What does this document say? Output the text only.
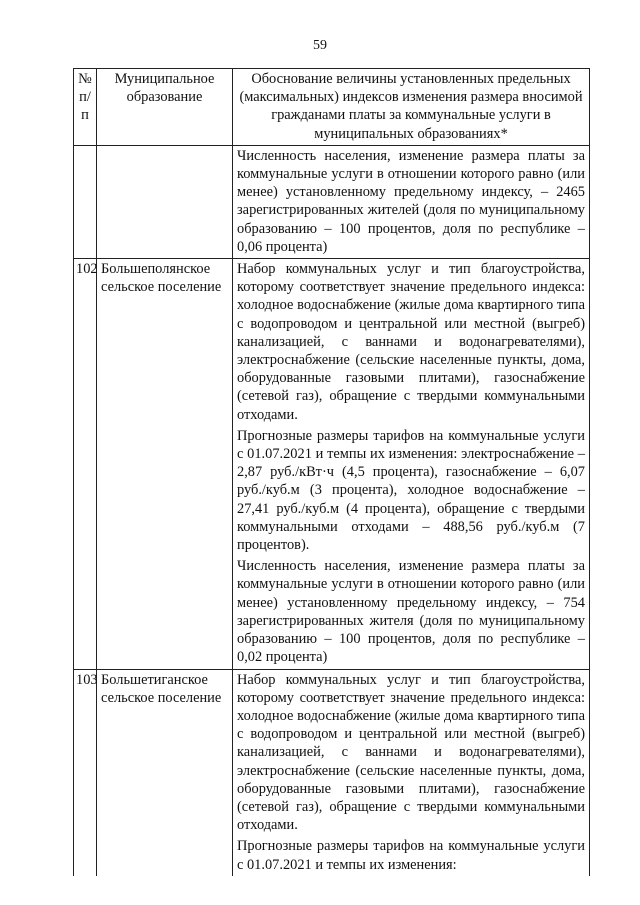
59
№ п/п	Муниципальное образование	Обоснование величины установленных предельных (максимальных) индексов изменения размера вносимой гражданами платы за коммунальные услуги в муниципальных образованиях*

		Численность населения, изменение размера платы за коммунальные услуги в отношении которого равно (или менее) установленному предельному индексу, – 2465 зарегистрированных жителей (доля по муниципальному образованию – 100 процентов, доля по республике – 0,06 процента)

102	Большеполянское сельское поселение	Набор коммунальных услуг и тип благоустройства, которому соответствует значение предельного индекса: холодное водоснабжение (жилые дома квартирного типа с водопроводом и центральной или местной (выгреб) канализацией, с ваннами и водонагревателями), электроснабжение (сельские населенные пункты, дома, оборудованные газовыми плитами), газоснабжение (сетевой газ), обращение с твердыми коммунальными отходами.

Прогнозные размеры тарифов на коммунальные услуги с 01.07.2021 и темпы их изменения: электроснабжение – 2,87 руб./кВт·ч (4,5 процента), газоснабжение – 6,07 руб./куб.м (3 процента), холодное водоснабжение – 27,41 руб./куб.м (4 процента), обращение с твердыми коммунальными отходами – 488,56 руб./куб.м (7 процентов).

Численность населения, изменение размера платы за коммунальные услуги в отношении которого равно (или менее) установленному предельному индексу, – 754 зарегистрированных жителя (доля по муниципальному образованию – 100 процентов, доля по республике – 0,02 процента)

103	Большетиганское сельское поселение	Набор коммунальных услуг и тип благоустройства, которому соответствует значение предельного индекса: холодное водоснабжение (жилые дома квартирного типа с водопроводом и центральной или местной (выгреб) канализацией, с ваннами и водонагревателями), электроснабжение (сельские населенные пункты, дома, оборудованные газовыми плитами), газоснабжение (сетевой газ), обращение с твердыми коммунальными отходами.

Прогнозные размеры тарифов на коммунальные услуги с 01.07.2021 и темпы их изменения:
